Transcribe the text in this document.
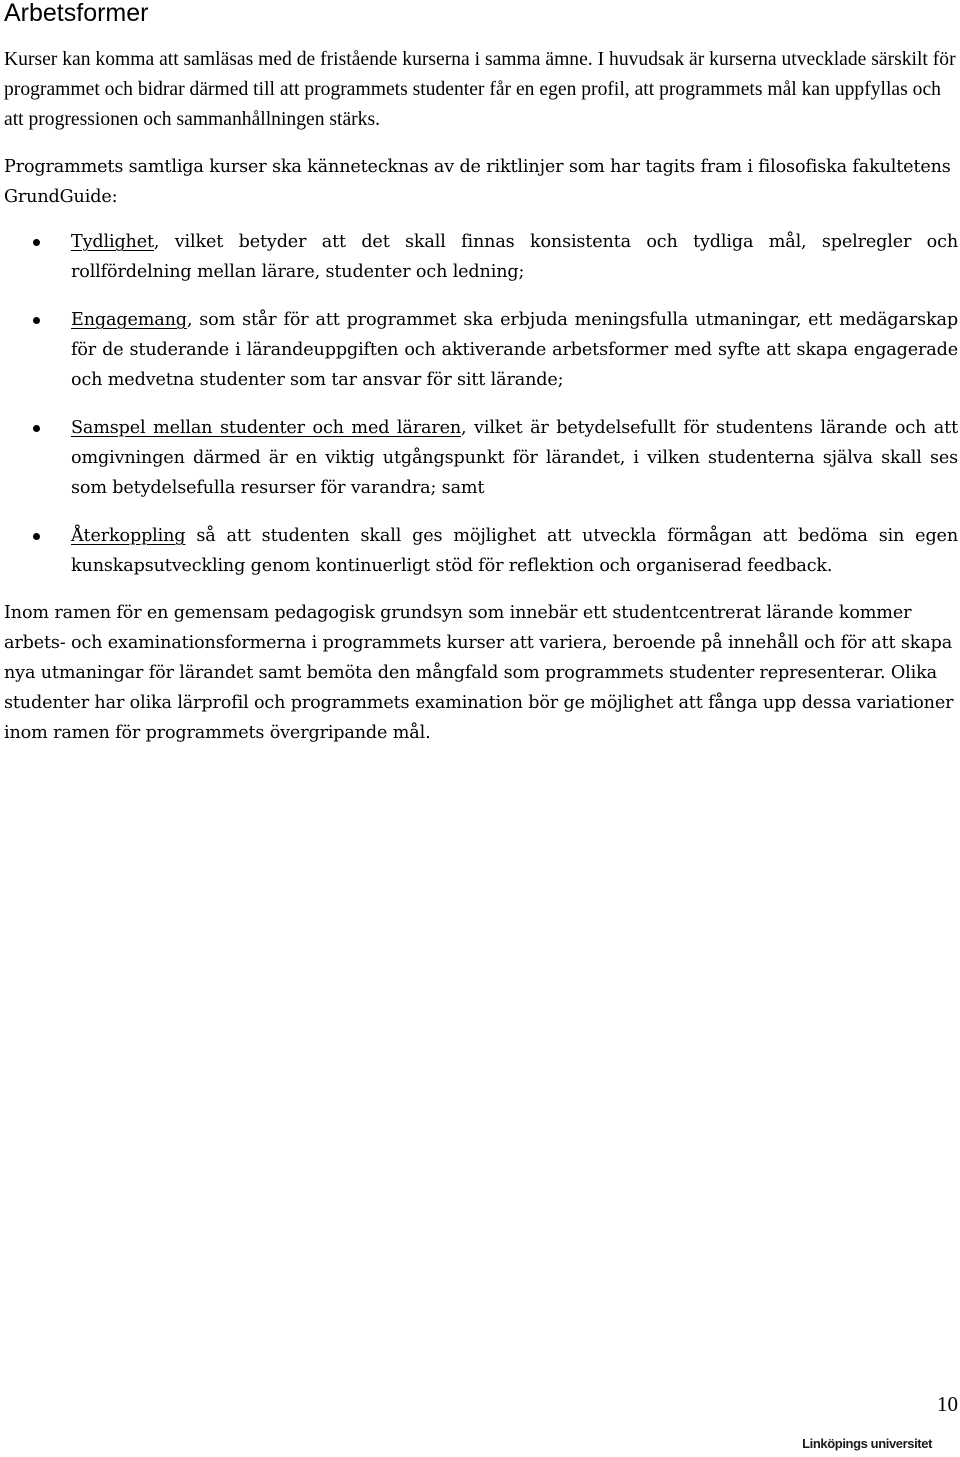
Arbetsformer

Kurser kan komma att samläsas med de fristående kurserna i samma ämne. I huvudsak är kurserna utvecklade särskilt för programmet och bidrar därmed till att programmets studenter får en egen profil, att programmets mål kan uppfyllas och att progressionen och sammanhållningen stärks.

Programmets samtliga kurser ska kännetecknas av de riktlinjer som har tagits fram i filosofiska fakultetens GrundGuide:

Tydlighet, vilket betyder att det skall finnas konsistenta och tydliga mål, spelregler och rollfördelning mellan lärare, studenter och ledning;
Engagemang, som står för att programmet ska erbjuda meningsfulla utmaningar, ett medägarskap för de studerande i lärandeuppgiften och aktiverande arbetsformer med syfte att skapa engagerade och medvetna studenter som tar ansvar för sitt lärande;
Samspel mellan studenter och med läraren, vilket är betydelsefullt för studentens lärande och att omgivningen därmed är en viktig utgångspunkt för lärandet, i vilken studenterna själva skall ses som betydelsefulla resurser för varandra; samt
Återkoppling så att studenten skall ges möjlighet att utveckla förmågan att bedöma sin egen kunskapsutveckling genom kontinuerligt stöd för reflektion och organiserad feedback.

Inom ramen för en gemensam pedagogisk grundsyn som innebär ett studentcentrerat lärande kommer arbets- och examinationsformerna i programmets kurser att variera, beroende på innehåll och för att skapa nya utmaningar för lärandet samt bemöta den mångfald som programmets studenter representerar. Olika studenter har olika lärprofil och programmets examination bör ge möjlighet att fånga upp dessa variationer inom ramen för programmets övergripande mål.

10
Linköpings universitet
